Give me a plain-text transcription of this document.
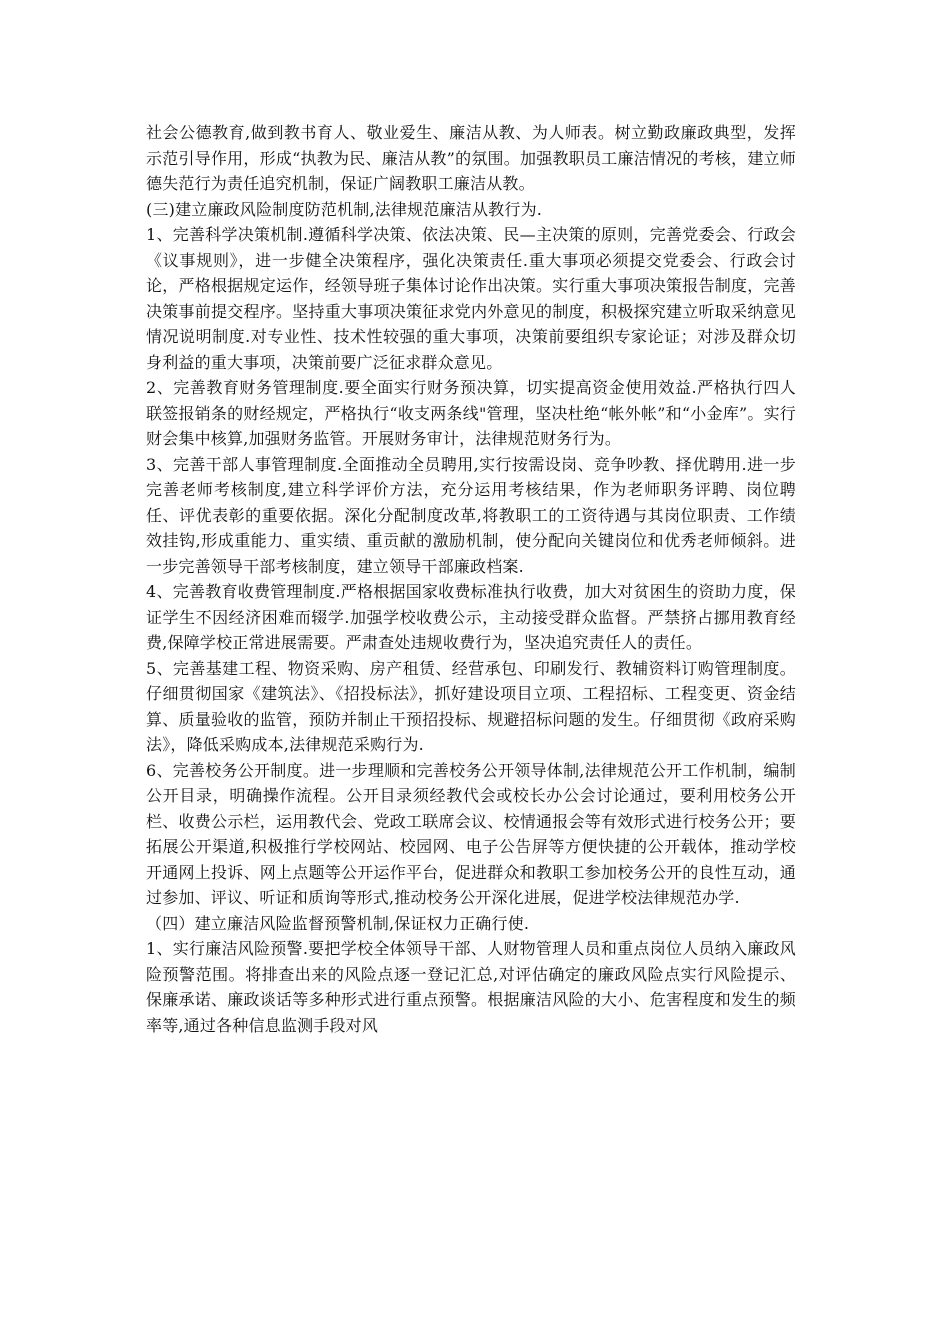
社会公德教育,做到教书育人、敬业爱生、廉洁从教、为人师表。树立勤政廉政典型，发挥示范引导作用，形成“执教为民、廉洁从教”的氛围。加强教职员工廉洁情况的考核，建立师德失范行为责任追究机制，保证广阔教职工廉洁从教。

(三)建立廉政风险制度防范机制,法律规范廉洁从教行为.

1、完善科学决策机制.遵循科学决策、依法决策、民—主决策的原则，完善党委会、行政会《议事规则》，进一步健全决策程序，强化决策责任.重大事项必须提交党委会、行政会讨论，严格根据规定运作，经领导班子集体讨论作出决策。实行重大事项决策报告制度，完善决策事前提交程序。坚持重大事项决策征求党内外意见的制度，积极探究建立听取采纳意见情况说明制度.对专业性、技术性较强的重大事项，决策前要组织专家论证；对涉及群众切身利益的重大事项，决策前要广泛征求群众意见。

2、完善教育财务管理制度.要全面实行财务预决算，切实提高资金使用效益.严格执行四人联签报销条的财经规定，严格执行“收支两条线"管理，坚决杜绝“帐外帐”和“小金库”。实行财会集中核算,加强财务监管。开展财务审计，法律规范财务行为。

3、完善干部人事管理制度.全面推动全员聘用,实行按需设岗、竞争吵教、择优聘用.进一步完善老师考核制度,建立科学评价方法，充分运用考核结果，作为老师职务评聘、岗位聘任、评优表彰的重要依据。深化分配制度改革,将教职工的工资待遇与其岗位职责、工作绩效挂钩,形成重能力、重实绩、重贡献的激励机制，使分配向关键岗位和优秀老师倾斜。进一步完善领导干部考核制度，建立领导干部廉政档案.

4、完善教育收费管理制度.严格根据国家收费标准执行收费，加大对贫困生的资助力度，保证学生不因经济困难而辍学.加强学校收费公示，主动接受群众监督。严禁挤占挪用教育经费,保障学校正常进展需要。严肃查处违规收费行为，坚决追究责任人的责任。

5、完善基建工程、物资采购、房产租赁、经营承包、印刷发行、教辅资料订购管理制度。仔细贯彻国家《建筑法》、《招投标法》，抓好建设项目立项、工程招标、工程变更、资金结算、质量验收的监管，预防并制止干预招投标、规避招标问题的发生。仔细贯彻《政府采购法》，降低采购成本,法律规范采购行为.

6、完善校务公开制度。进一步理顺和完善校务公开领导体制,法律规范公开工作机制，编制公开目录，明确操作流程。公开目录须经教代会或校长办公会讨论通过，要利用校务公开栏、收费公示栏，运用教代会、党政工联席会议、校情通报会等有效形式进行校务公开；要拓展公开渠道,积极推行学校网站、校园网、电子公告屏等方便快捷的公开载体，推动学校开通网上投诉、网上点题等公开运作平台，促进群众和教职工参加校务公开的良性互动，通过参加、评议、听证和质询等形式,推动校务公开深化进展，促进学校法律规范办学.

（四）建立廉洁风险监督预警机制,保证权力正确行使.

1、实行廉洁风险预警.要把学校全体领导干部、人财物管理人员和重点岗位人员纳入廉政风险预警范围。将排查出来的风险点逐一登记汇总,对评估确定的廉政风险点实行风险提示、保廉承诺、廉政谈话等多种形式进行重点预警。根据廉洁风险的大小、危害程度和发生的频率等,通过各种信息监测手段对风
